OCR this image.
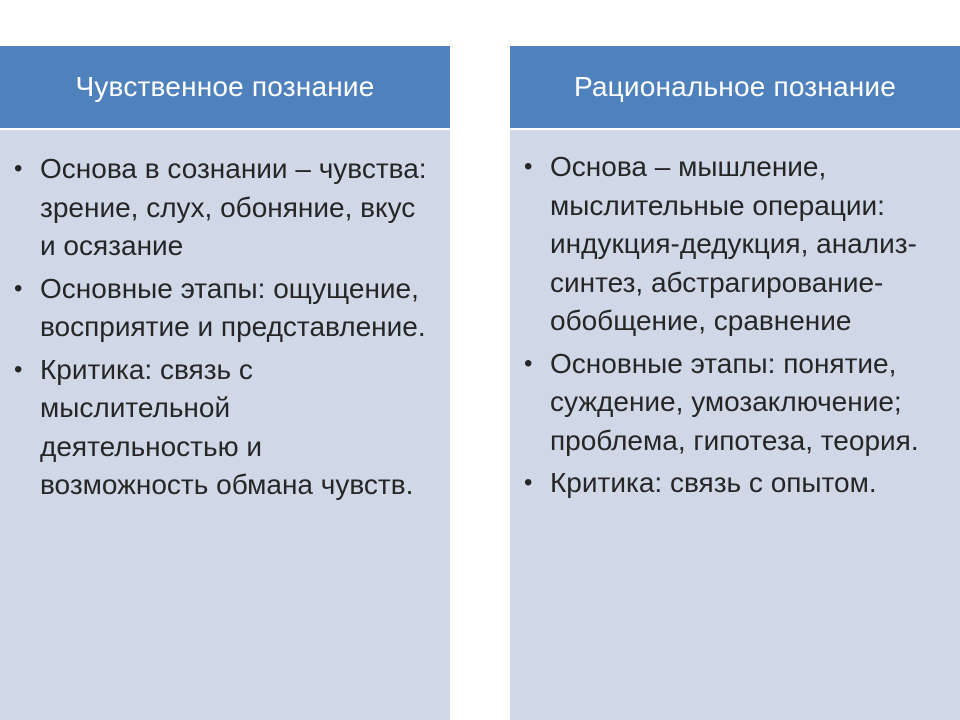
Чувственное познание
• Основа в сознании – чувства: зрение, слух, обоняние, вкус и осязание
• Основные этапы: ощущение, восприятие и представление.
• Критика: связь с мыслительной деятельностью и возможность обмана чувств.
Рациональное познание
• Основа – мышление, мыслительные операции: индукция-дедукция, анализ-синтез, абстрагирование-обобщение, сравнение
• Основные этапы: понятие, суждение, умозаключение; проблема, гипотеза, теория.
• Критика: связь с опытом.
